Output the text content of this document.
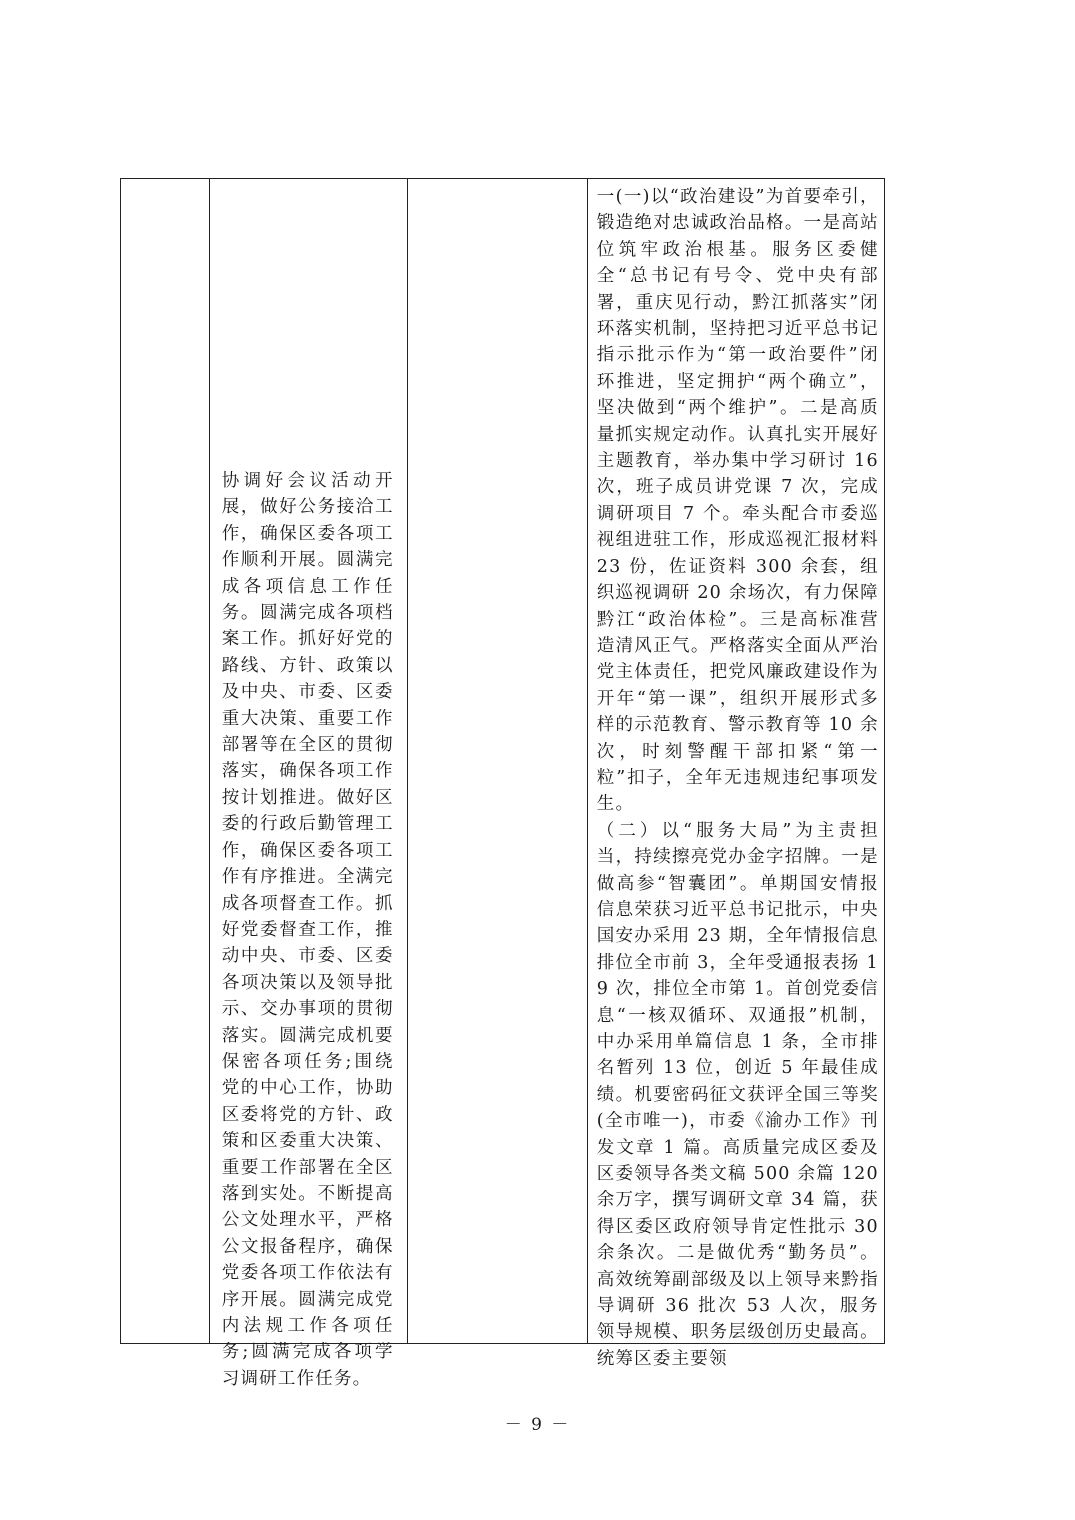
协调好会议活动开展，做好公务接洽工作，确保区委各项工作顺利开展。圆满完成各项信息工作任务。圆满完成各项档案工作。抓好好党的路线、方针、政策以及中央、市委、区委重大决策、重要工作部署等在全区的贯彻落实，确保各项工作按计划推进。做好区委的行政后勤管理工作，确保区委各项工作有序推进。全满完成各项督查工作。抓好党委督查工作，推动中央、市委、区委各项决策以及领导批示、交办事项的贯彻落实。圆满完成机要保密各项任务;围绕党的中心工作，协助区委将党的方针、政策和区委重大决策、重要工作部署在全区落到实处。不断提高公文处理水平，严格公文报备程序，确保党委各项工作依法有序开展。圆满完成党内法规工作各项任务;圆满完成各项学习调研工作任务。

一(一)以“政治建设”为首要牵引，锻造绝对忠诚政治品格。一是高站位筑牢政治根基。服务区委健全“总书记有号令、党中央有部署，重庆见行动，黔江抓落实”闭环落实机制，坚持把习近平总书记指示批示作为“第一政治要件”闭环推进，坚定拥护“两个确立”，坚决做到“两个维护”。二是高质量抓实规定动作。认真扎实开展好主题教育，举办集中学习研讨 16 次，班子成员讲党课 7 次，完成调研项目 7 个。牵头配合市委巡视组进驻工作，形成巡视汇报材料 23 份，佐证资料 300 余套，组织巡视调研 20 余场次，有力保障黔江“政治体检”。三是高标准营造清风正气。严格落实全面从严治党主体责任，把党风廉政建设作为开年“第一课”，组织开展形式多样的示范教育、警示教育等 10 余次，时刻警醒干部扣紧“第一粒”扣子，全年无违规违纪事项发生。
（二）以“服务大局”为主责担当，持续擦亮党办金字招牌。一是做高参“智囊团”。单期国安情报信息荣获习近平总书记批示，中央国安办采用 23 期，全年情报信息排位全市前 3，全年受通报表扬 19 次，排位全市第 1。首创党委信息“一核双循环、双通报”机制，中办采用单篇信息 1 条，全市排名暂列 13 位，创近 5 年最佳成绩。机要密码征文获评全国三等奖(全市唯一)，市委《渝办工作》刊发文章 1 篇。高质量完成区委及区委领导各类文稿 500 余篇 120 余万字，撰写调研文章 34 篇，获得区委区政府领导肯定性批示 30 余条次。二是做优秀“勤务员”。高效统筹副部级及以上领导来黔指导调研 36 批次 53 人次，服务领导规模、职务层级创历史最高。统筹区委主要领
－ 9 －
